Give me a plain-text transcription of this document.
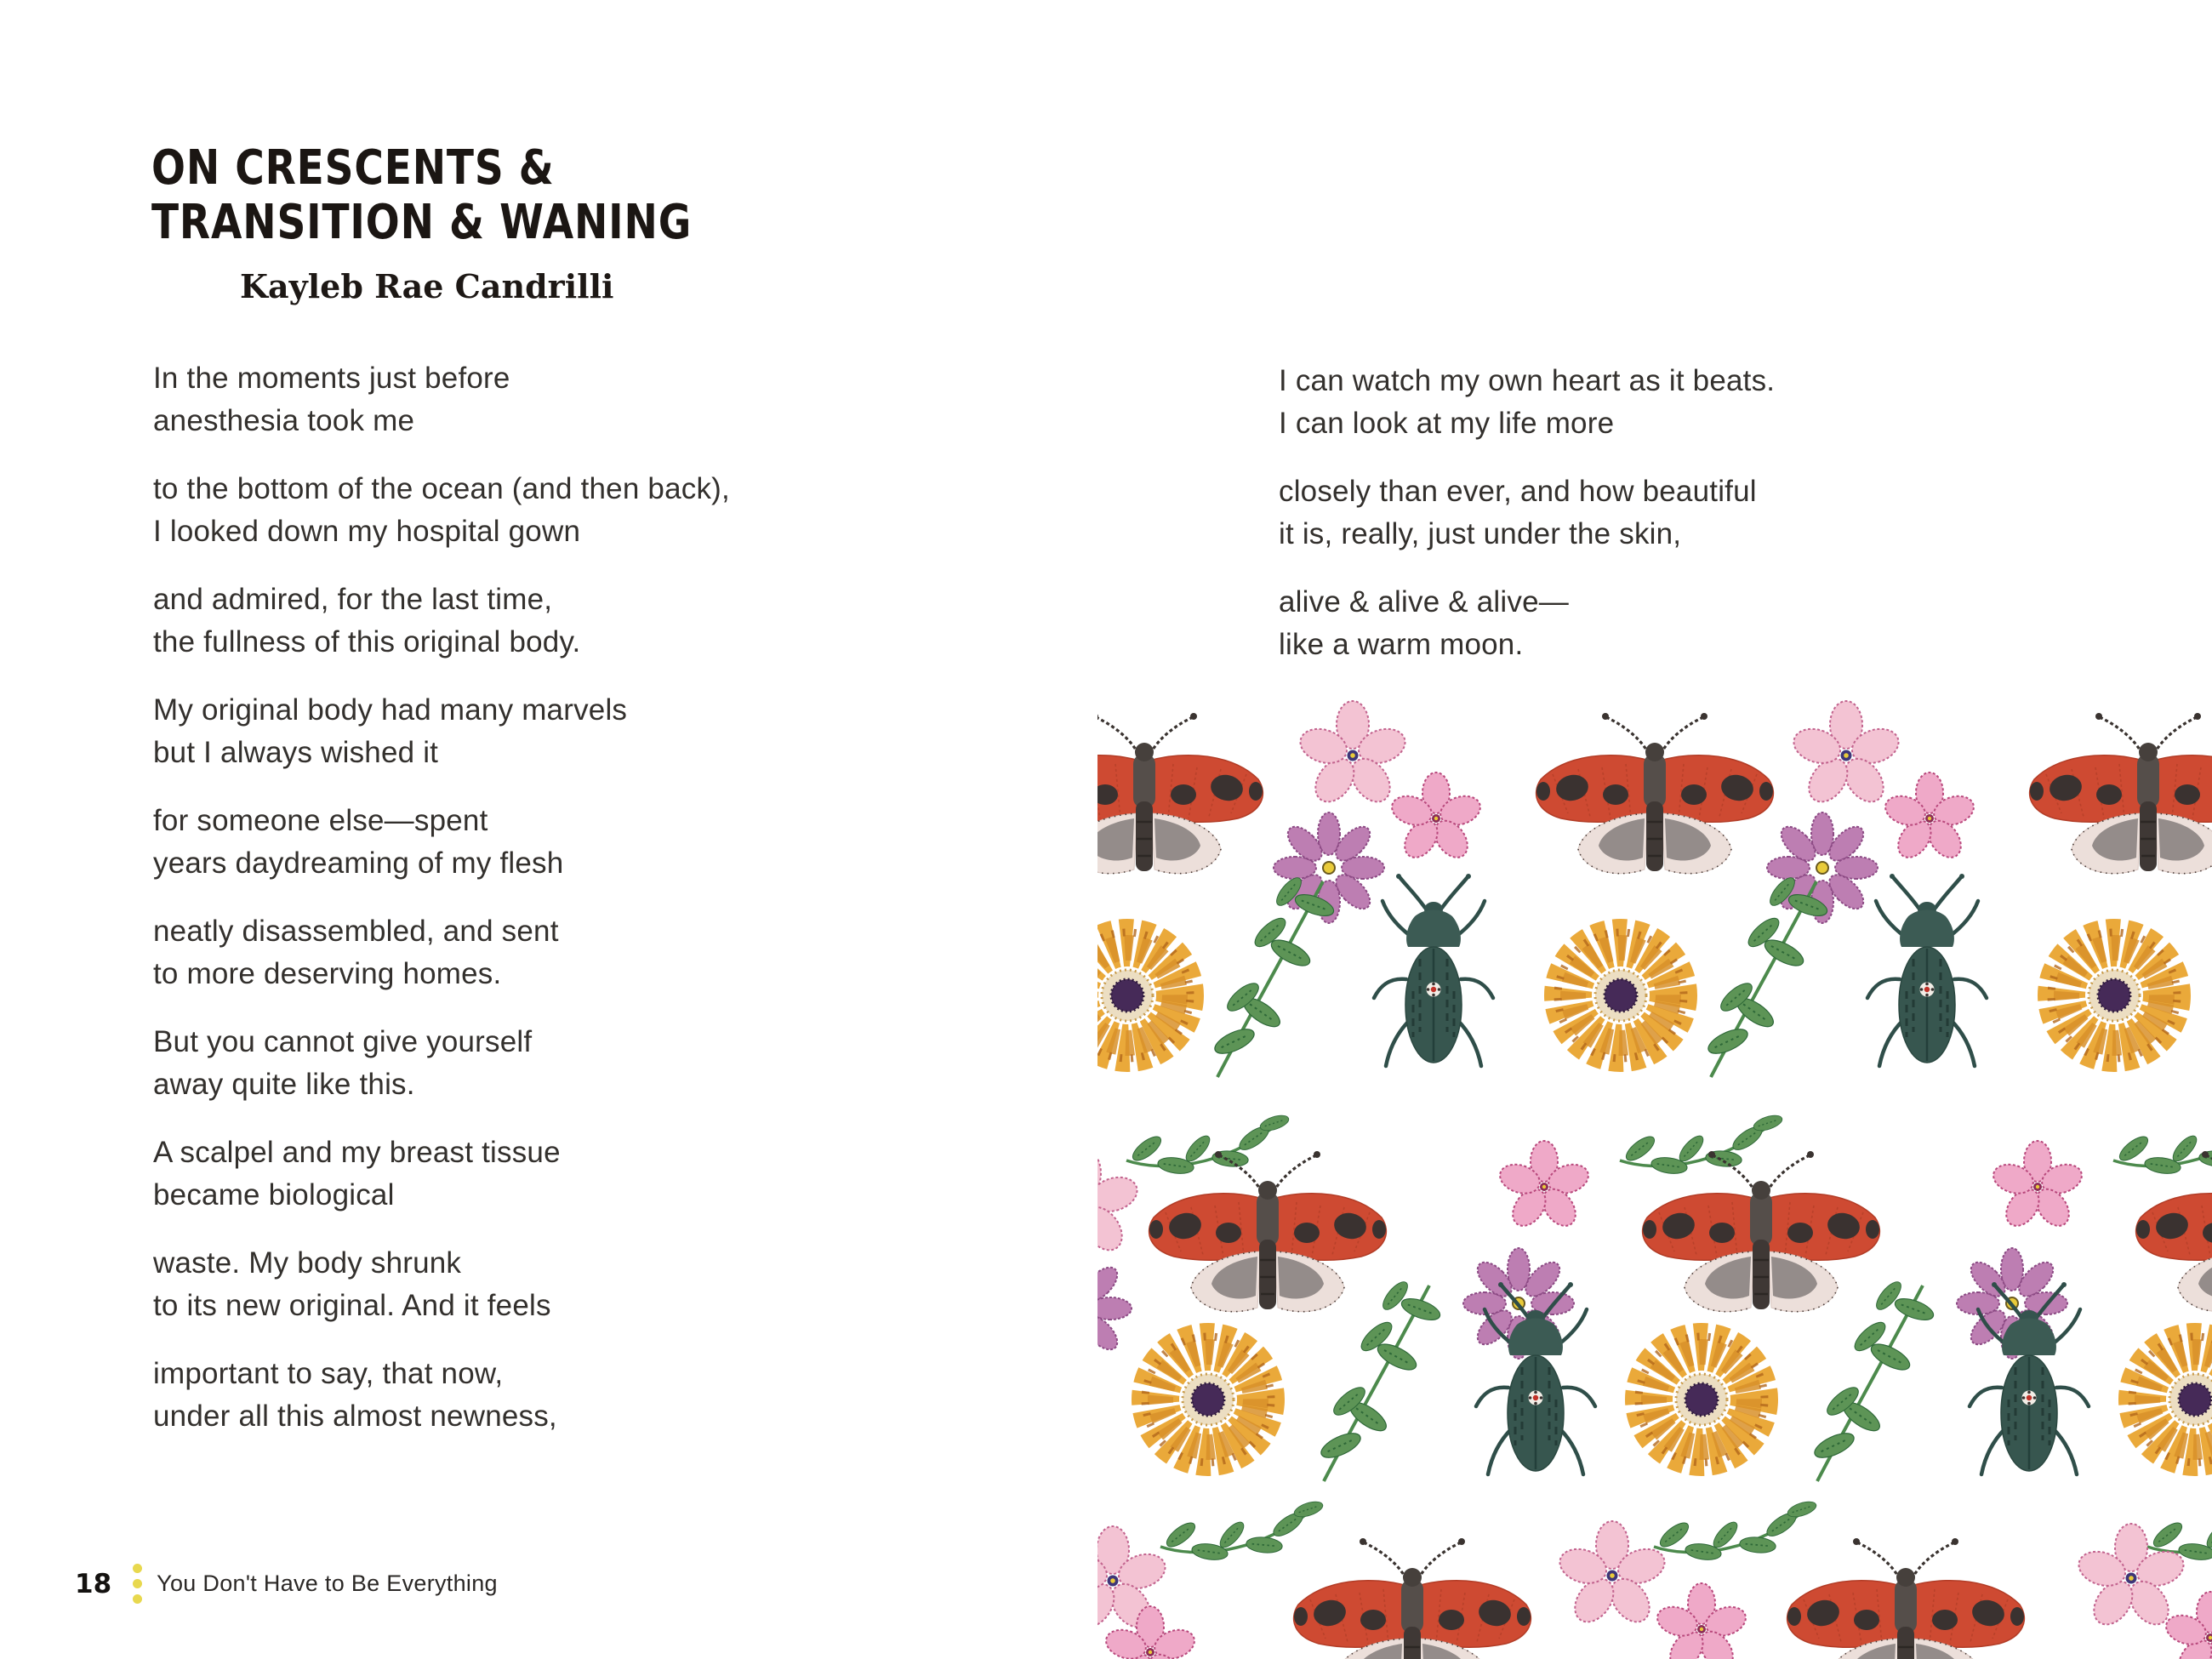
ON CRESCENTS &
TRANSITION & WANING
Kayleb Rae Candrilli

In the moments just before

anesthesia took me

to the bottom of the ocean (and then back),

I looked down my hospital gown

and admired, for the last time,

the fullness of this original body.

My original body had many marvels

but I always wished it

for someone else—spent

years daydreaming of my flesh

neatly disassembled, and sent

to more deserving homes.

But you cannot give yourself

away quite like this.

A scalpel and my breast tissue

became biological

waste. My body shrunk

to its new original. And it feels

important to say, that now,

under all this almost newness,

I can watch my own heart as it beats.

I can look at my life more

closely than ever, and how beautiful

it is, really, just under the skin,

alive & alive & alive—

like a warm moon.

18 You Don't Have to Be Everything
